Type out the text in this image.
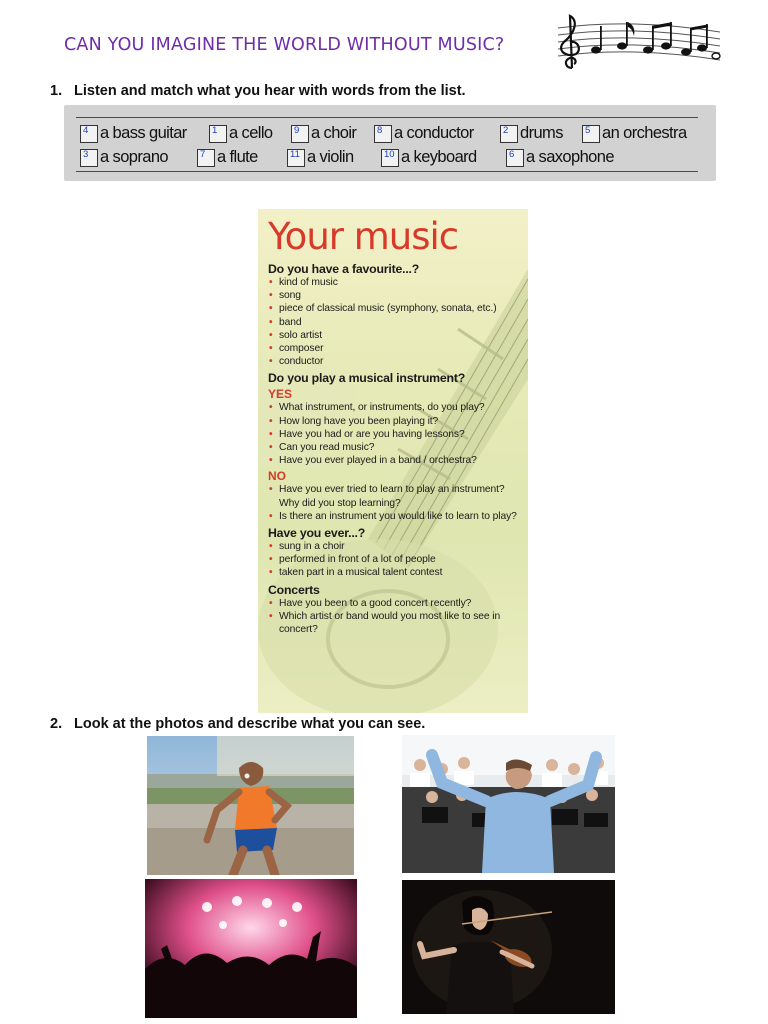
CAN YOU IMAGINE THE WORLD WITHOUT MUSIC?
1. Listen and match what you hear with words from the list.
4 a bass guitar	1 a cello 9 a choir 8 a conductor	2 drums 5 an orchestra
3 a soprano	7 a flute	11 a violin	10 a keyboard	6 a saxophone
Your music
Do you have a favourite...?
• kind of music
• song
• piece of classical music (symphony, sonata, etc.)
• band
• solo artist
• composer
• conductor
Do you play a musical instrument?
YES
• What instrument, or instruments, do you play?
• How long have you been playing it?
• Have you had or are you having lessons?
• Can you read music?
• Have you ever played in a band / orchestra?
NO
• Have you ever tried to learn to play an instrument? Why did you stop learning?
• Is there an instrument you would like to learn to play?
Have you ever...?
• sung in a choir
• performed in front of a lot of people
• taken part in a musical talent contest
Concerts
• Have you been to a good concert recently?
• Which artist or band would you most like to see in concert?
2. Look at the photos and describe what you can see.
